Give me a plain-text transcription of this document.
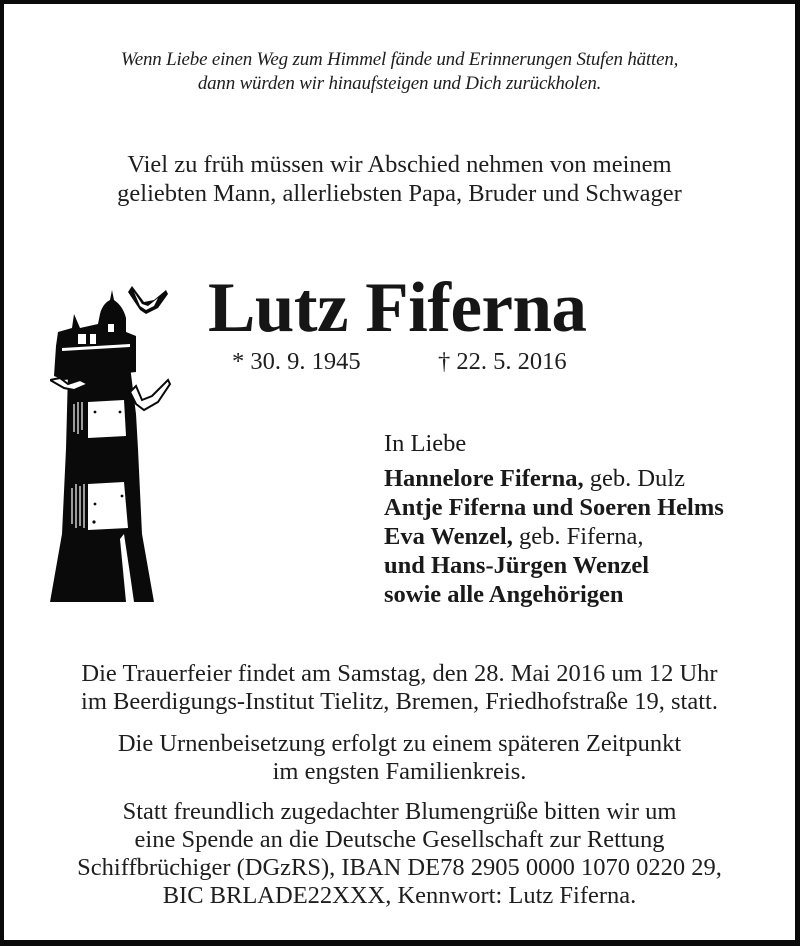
Wenn Liebe einen Weg zum Himmel fände und Erinnerungen Stufen hätten,
dann würden wir hinaufsteigen und Dich zurückholen.
Viel zu früh müssen wir Abschied nehmen von meinem
geliebten Mann, allerliebsten Papa, Bruder und Schwager
Lutz Fiferna
* 30. 9. 1945	† 22. 5. 2016
In Liebe
Hannelore Fiferna, geb. Dulz
Antje Fiferna und Soeren Helms
Eva Wenzel, geb. Fiferna,
und Hans-Jürgen Wenzel
sowie alle Angehörigen
Die Trauerfeier findet am Samstag, den 28. Mai 2016 um 12 Uhr
im Beerdigungs-Institut Tielitz, Bremen, Friedhofstraße 19, statt.
Die Urnenbeisetzung erfolgt zu einem späteren Zeitpunkt
im engsten Familienkreis.
Statt freundlich zugedachter Blumengrüße bitten wir um
eine Spende an die Deutsche Gesellschaft zur Rettung
Schiffbrüchiger (DGzRS), IBAN DE78 2905 0000 1070 0220 29,
BIC BRLADE22XXX, Kennwort: Lutz Fiferna.
